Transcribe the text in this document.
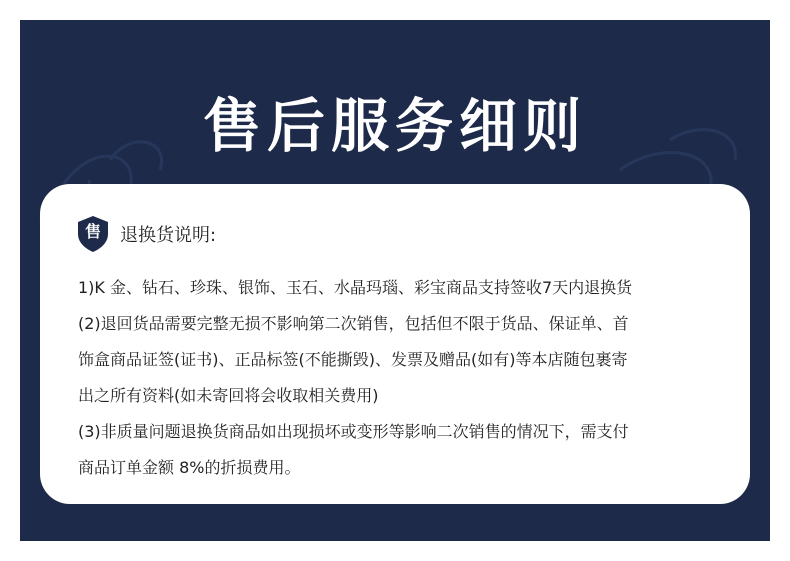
售后服务细则
售	退换货说明:

1)K 金、钻石、珍珠、银饰、玉石、水晶玛瑙、彩宝商品支持签收7天内退换货

(2)退回货品需要完整无损不影响第二次销售，包括但不限于货品、保证单、首

饰盒商品证签(证书)、正品标签(不能撕毁)、发票及赠品(如有)等本店随包裹寄

出之所有资料(如未寄回将会收取相关费用)

(3)非质量问题退换货商品如出现损坏或变形等影响二次销售的情况下，需支付

商品订单金额 8%的折损费用。
